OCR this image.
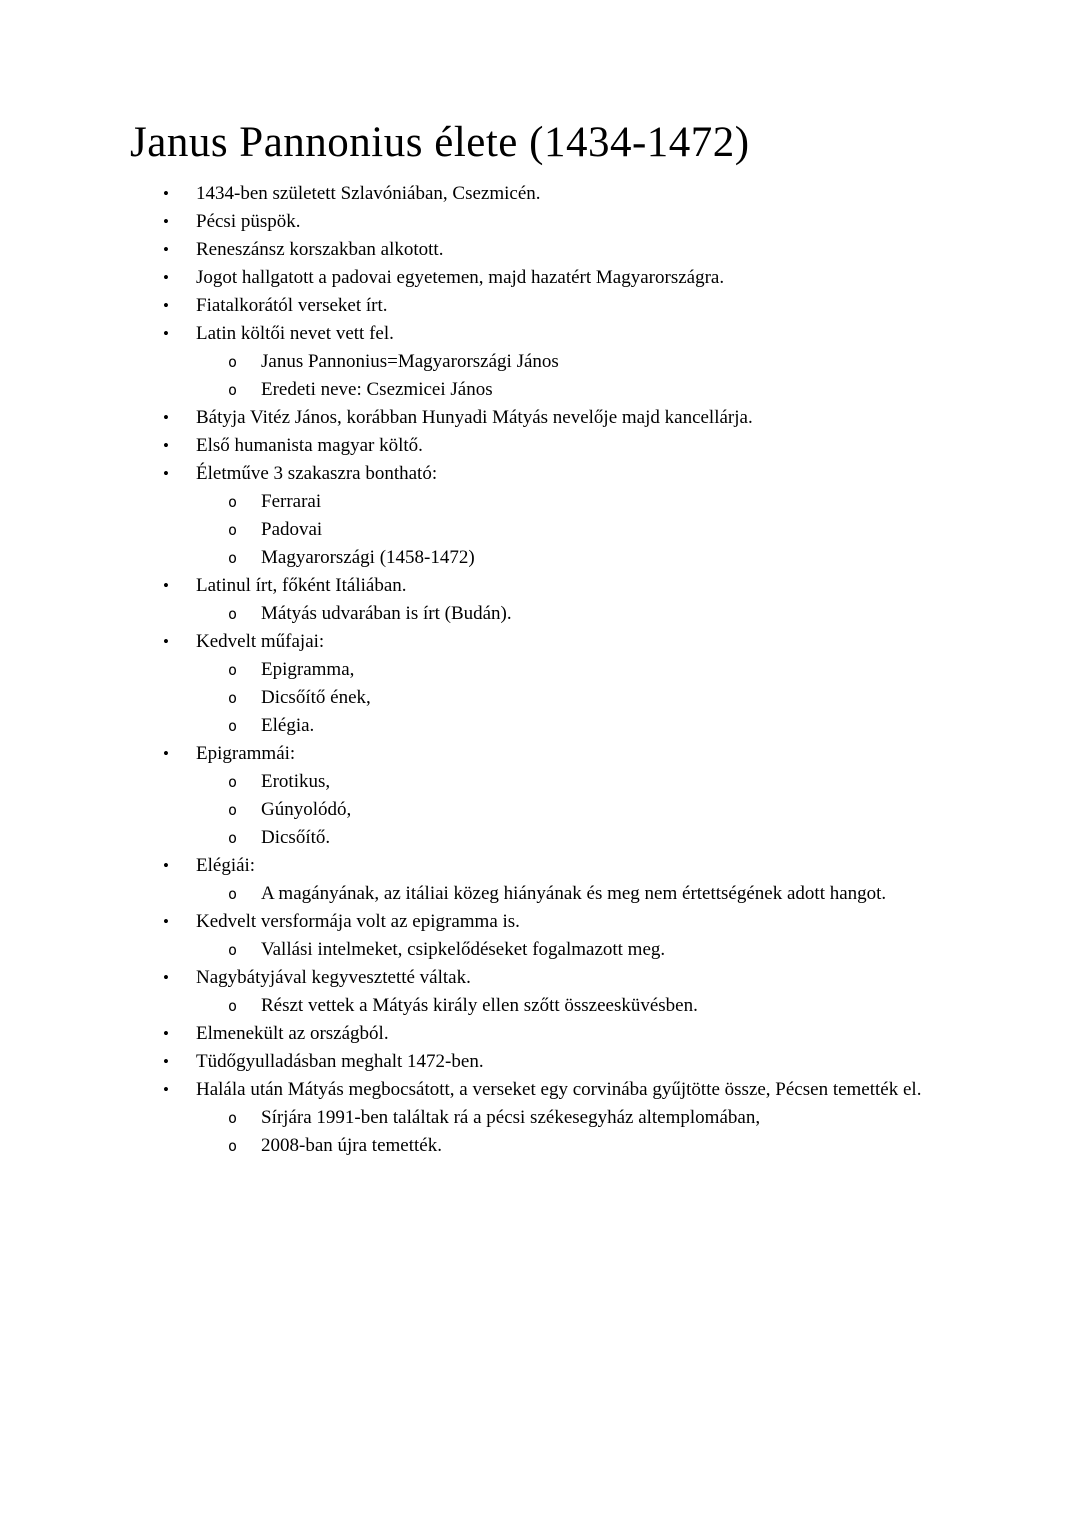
Janus Pannonius élete (1434-1472)
•	1434-ben született Szlavóniában, Csezmicén.
•	Pécsi püspök.
•	Reneszánsz korszakban alkotott.
•	Jogot hallgatott a padovai egyetemen, majd hazatért Magyarországra.
•	Fiatalkorától verseket írt.
•	Latin költői nevet vett fel.
o	Janus Pannonius=Magyarországi János
o	Eredeti neve: Csezmicei János
•	Bátyja Vitéz János, korábban Hunyadi Mátyás nevelője majd kancellárja.
•	Első humanista magyar költő.
•	Életműve 3 szakaszra bontható:
o	Ferrarai
o	Padovai
o	Magyarországi (1458-1472)
•	Latinul írt, főként Itáliában.
o	Mátyás udvarában is írt (Budán).
•	Kedvelt műfajai:
o	Epigramma,
o	Dicsőítő ének,
o	Elégia.
•	Epigrammái:
o	Erotikus,
o	Gúnyolódó,
o	Dicsőítő.
•	Elégiái:
o	A magányának, az itáliai közeg hiányának és meg nem értettségének adott hangot.
•	Kedvelt versformája volt az epigramma is.
o	Vallási intelmeket, csipkelődéseket fogalmazott meg.
•	Nagybátyjával kegyvesztetté váltak.
o	Részt vettek a Mátyás király ellen szőtt összeesküvésben.
•	Elmenekült az országból.
•	Tüdőgyulladásban meghalt 1472-ben.
•	Halála után Mátyás megbocsátott, a verseket egy corvinába gyűjtötte össze, Pécsen temették el.
o	Sírjára 1991-ben találtak rá a pécsi székesegyház altemplomában,
o	2008-ban újra temették.
